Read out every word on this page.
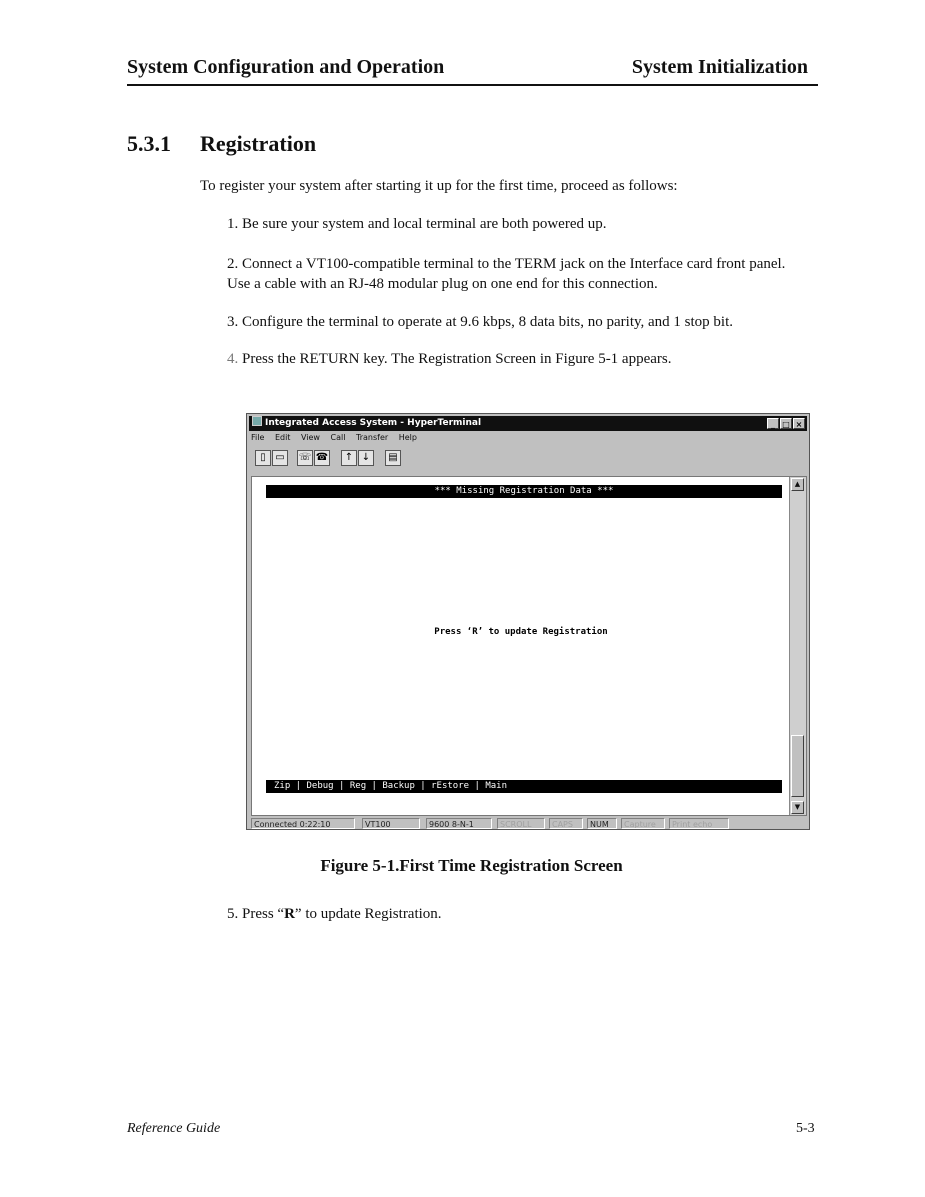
System Configuration and Operation	System Initialization
5.3.1 Registration
To register your system after starting it up for the first time, proceed as follows:
1. Be sure your system and local terminal are both powered up.
2. Connect a VT100-compatible terminal to the TERM jack on the Interface card front panel. Use a cable with an RJ-48 modular plug on one end for this connection.
3. Configure the terminal to operate at 9.6 kbps, 8 data bits, no parity, and 1 stop bit.
4. Press the RETURN key. The Registration Screen in Figure 5-1 appears.
Integrated Access System - HyperTerminal	_ □ ×
File Edit View Call Transfer Help
▯ ▭	☏ ☎	↑ ↓	▤
*** Missing Registration Data ***
Press ‘R’ to update Registration
Zip | Debug | Reg | Backup | rEstore | Main
▲
▼
Connected 0:22:10	VT100	9600 8-N-1	SCROLL	CAPS	NUM	Capture	Print echo
Figure 5-1.First Time Registration Screen
5. Press “R” to update Registration.
Reference Guide	5-3
